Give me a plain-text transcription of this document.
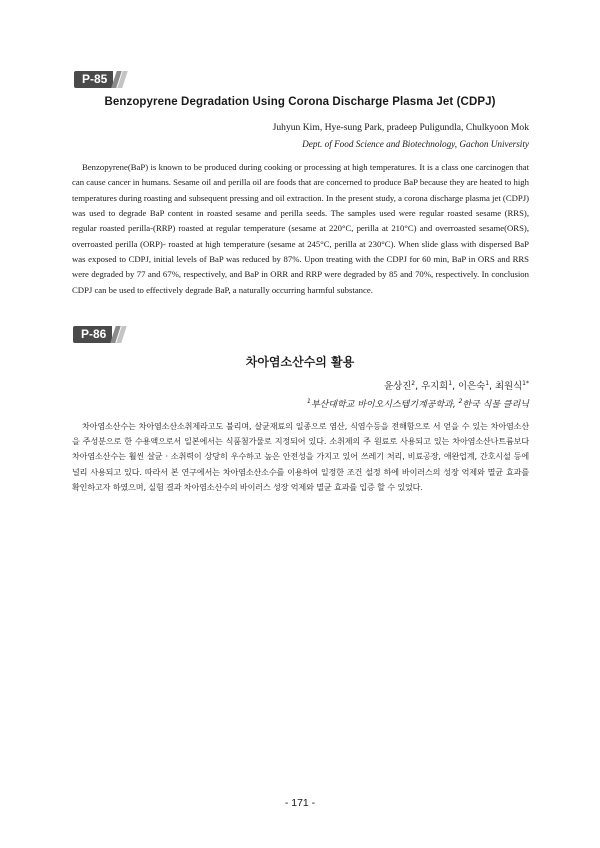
P-85
Benzopyrene Degradation Using Corona Discharge Plasma Jet (CDPJ)
Juhyun Kim, Hye-sung Park, pradeep Puligundla, Chulkyoon Mok
Dept. of Food Science and Biotechnology, Gachon University

Benzopyrene(BaP) is known to be produced during cooking or processing at high temperatures. It is a class one carcinogen that can cause cancer in humans. Sesame oil and perilla oil are foods that are concerned to produce BaP because they are heated to high temperatures during roasting and subsequent pressing and oil extraction. In the present study, a corona discharge plasma jet (CDPJ) was used to degrade BaP content in roasted sesame and perilla seeds. The samples used were regular roasted sesame (RRS), regular roasted perilla-(RRP) roasted at regular temperature (sesame at 220°C, perilla at 210°C) and overroasted sesame(ORS), overroasted perilla (ORP)- roasted at high temperature (sesame at 245°C, perilla at 230°C). When slide glass with dispersed BaP was exposed to CDPJ, initial levels of BaP was reduced by 87%. Upon treating with the CDPJ for 60 min, BaP in ORS and RRS were degraded by 77 and 67%, respectively, and BaP in ORR and RRP were degraded by 85 and 70%, respectively. In conclusion CDPJ can be used to effectively degrade BaP, a naturally occurring harmful substance.

P-86
차아염소산수의 활용
윤상진$^2$, 우지희$^1$, 이은숙$^1$, 최원식$^{1*}$
$^1$부산대학교 바이오시스템기계공학과, $^2$한국 식물 클리닉

차아염소산수는 차아염소산소취제라고도 불리며, 살균재료의 일종으로 염산, 식염수등을 전해함으로 서 얻을 수 있는 차아염소산을 주성분으로 한 수용액으로서 일본에서는 식품첨가물로 지정되어 있다. 소취제의 주 원료로 사용되고 있는 차아염소산나트륨보다 차아염소산수는 훨씬 살균 · 소취력이 상당히 우수하고 높은 안전성을 가지고 있어 쓰레기 처리, 비료공장, 애완업계, 간호시설 등에 널리 사용되고 있다. 따라서 본 연구에서는 차아염소산소수를 이용하여 일정한 조건 설정 하에 바이러스의 성장 억제와 멸균 효과를 확인하고자 하였으며, 실험 결과 차아염소산수의 바이러스 성장 억제와 멸균 효과를 입증 할 수 있었다.

- 171 -
